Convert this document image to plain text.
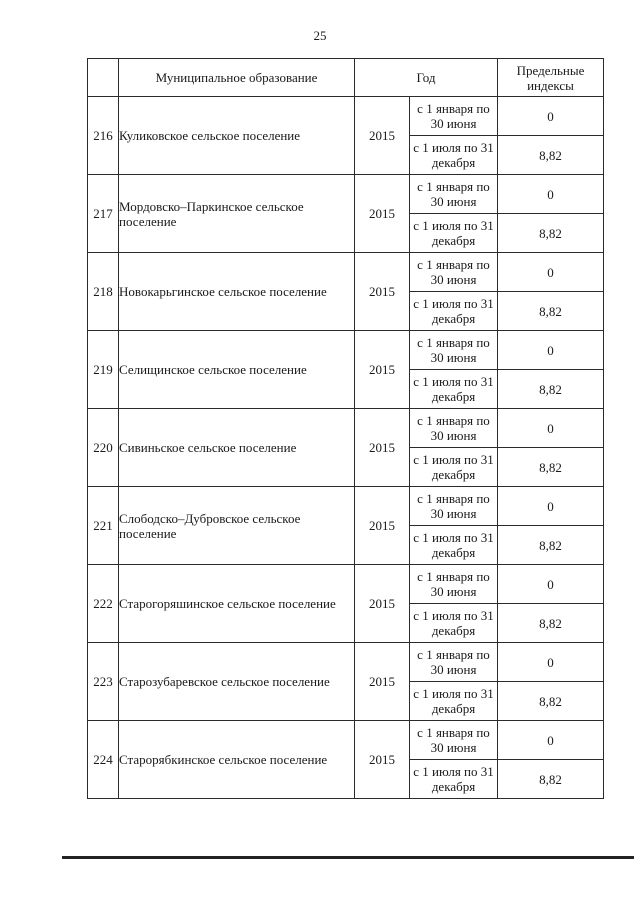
25
	Муниципальное образование	Год		Предельные индексы
216	Куликовское сельское поселение	2015	с 1 января по 30 июня	0
			с 1 июля по 31 декабря	8,82
217	Мордовско–Паркинское сельское поселение	2015	с 1 января по 30 июня	0
			с 1 июля по 31 декабря	8,82
218	Новокарьгинское сельское поселение	2015	с 1 января по 30 июня	0
			с 1 июля по 31 декабря	8,82
219	Селищинское сельское поселение	2015	с 1 января по 30 июня	0
			с 1 июля по 31 декабря	8,82
220	Сивиньское сельское поселение	2015	с 1 января по 30 июня	0
			с 1 июля по 31 декабря	8,82
221	Слободско–Дубровское сельское поселение	2015	с 1 января по 30 июня	0
			с 1 июля по 31 декабря	8,82
222	Старогоряшинское сельское поселение	2015	с 1 января по 30 июня	0
			с 1 июля по 31 декабря	8,82
223	Старозубаревское сельское поселение	2015	с 1 января по 30 июня	0
			с 1 июля по 31 декабря	8,82
224	Старорябкинское сельское поселение	2015	с 1 января по 30 июня	0
			с 1 июля по 31 декабря	8,82
